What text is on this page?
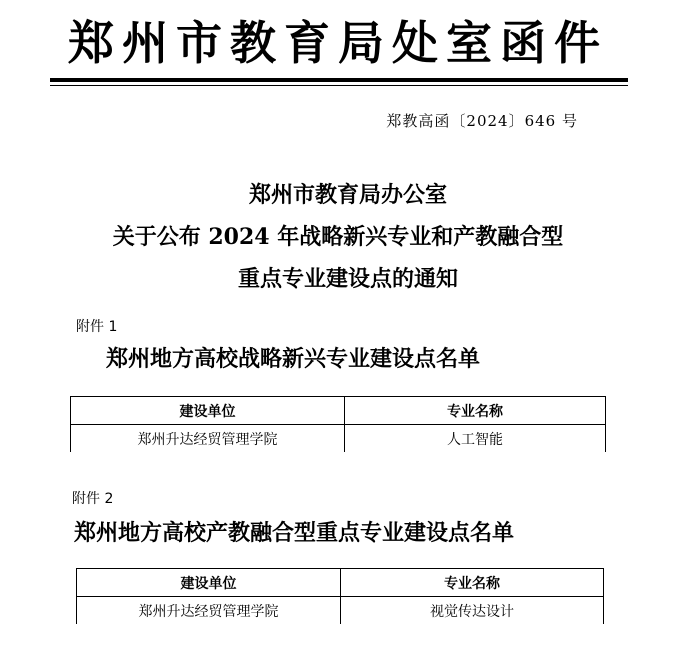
郑州市教育局处室函件
郑教高函〔2024〕646 号
郑州市教育局办公室
关于公布 2024 年战略新兴专业和产教融合型
重点专业建设点的通知
附件 1
郑州地方高校战略新兴专业建设点名单
建设单位	专业名称
郑州升达经贸管理学院	人工智能
附件 2
郑州地方高校产教融合型重点专业建设点名单
建设单位	专业名称
郑州升达经贸管理学院	视觉传达设计
